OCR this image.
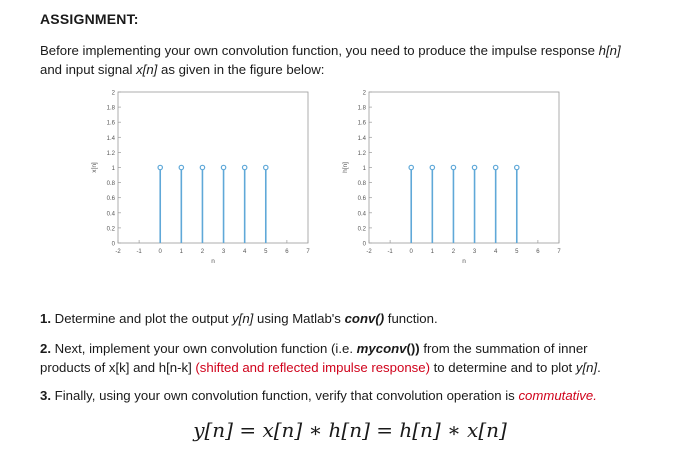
ASSIGNMENT:
Before implementing your own convolution function, you need to produce the impulse response h[n]
and input signal x[n] as given in the figure below:
0
0.2
0.4
0.6
0.8
1
1.2
1.4
1.6
1.8
2
-2	-1	0	1	2	3	4	5	6	7
n
x[n]
0
0.2
0.4
0.6
0.8
1
1.2
1.4
1.6
1.8
2
-2	-1	0	1	2	3	4	5	6	7
n
h[n]
1. Determine and plot the output y[n] using Matlab's conv() function.
2. Next, implement your own convolution function (i.e. myconv()) from the summation of inner
products of x[k] and h[n-k] (shifted and reflected impulse response) to determine and to plot y[n].
3. Finally, using your own convolution function, verify that convolution operation is commutative.
y[n] = x[n] ∗ h[n] = h[n] ∗ x[n]
